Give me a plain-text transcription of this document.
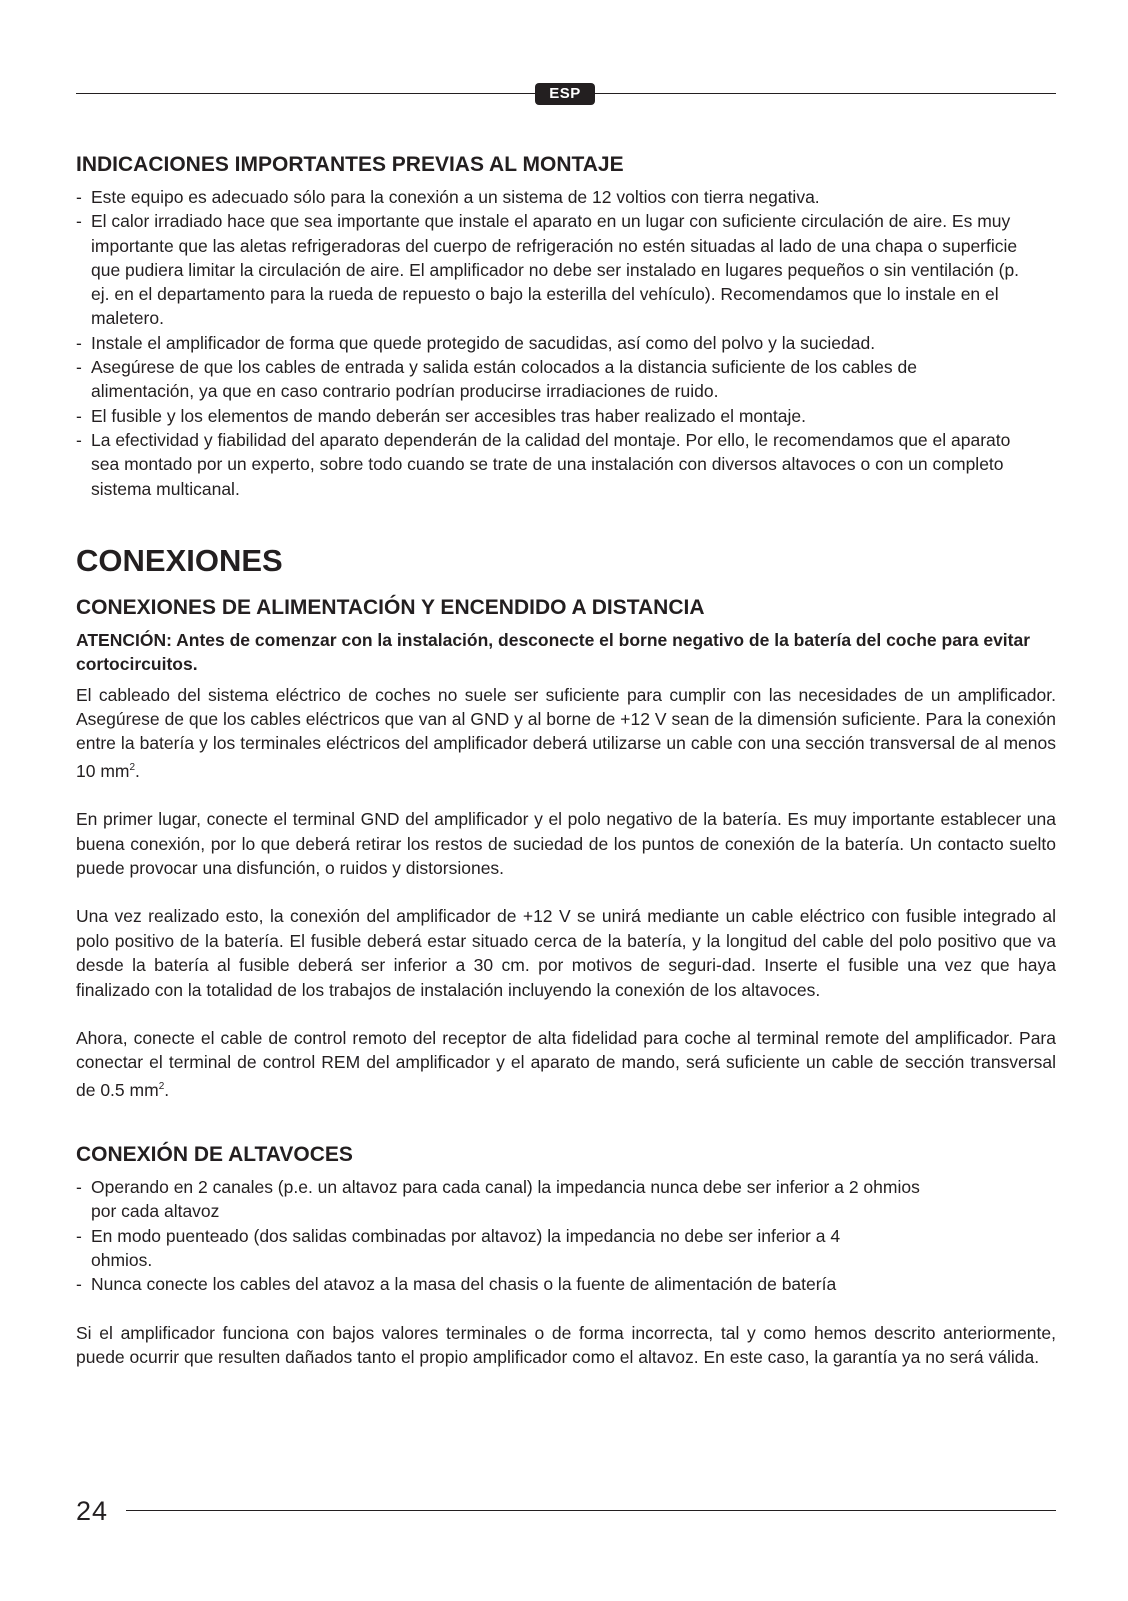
ESP
INDICACIONES IMPORTANTES PREVIAS AL MONTAJE
- Este equipo es adecuado sólo para la conexión a un sistema de 12 voltios con tierra negativa.
- El calor irradiado hace que sea importante que instale el aparato en un lugar con suficiente circulación de aire. Es muy importante que las aletas refrigeradoras del cuerpo de refrigeración no estén situadas al lado de una chapa o superficie que pudiera limitar la circulación de aire. El amplificador no debe ser instalado en lugares pequeños o sin ventilación (p. ej. en el departamento para la rueda de repuesto o bajo la esterilla del vehículo). Recomendamos que lo instale en el maletero.
- Instale el amplificador de forma que quede protegido de sacudidas, así como del polvo y la suciedad.
- Asegúrese de que los cables de entrada y salida están colocados a la distancia suficiente de los cables de alimentación, ya que en caso contrario podrían producirse irradiaciones de ruido.
- El fusible y los elementos de mando deberán ser accesibles tras haber realizado el montaje.
- La efectividad y fiabilidad del aparato dependerán de la calidad del montaje. Por ello, le recomendamos que el aparato sea montado por un experto, sobre todo cuando se trate de una instalación con diversos altavoces o con un completo sistema multicanal.
CONEXIONES
CONEXIONES DE ALIMENTACIÓN Y ENCENDIDO A DISTANCIA

ATENCIÓN: Antes de comenzar con la instalación, desconecte el borne negativo de la batería del coche para evitar cortocircuitos.

El cableado del sistema eléctrico de coches no suele ser suficiente para cumplir con las necesidades de un amplificador. Asegúrese de que los cables eléctricos que van al GND y al borne de +12 V sean de la dimensión suficiente. Para la conexión entre la batería y los terminales eléctricos del amplificador deberá utilizarse un cable con una sección transversal de al menos 10 $mm^2$.

En primer lugar, conecte el terminal GND del amplificador y el polo negativo de la batería. Es muy importante establecer una buena conexión, por lo que deberá retirar los restos de suciedad de los puntos de conexión de la batería. Un contacto suelto puede provocar una disfunción, o ruidos y distorsiones.

Una vez realizado esto, la conexión del amplificador de +12 V se unirá mediante un cable eléctrico con fusible integrado al polo positivo de la batería. El fusible deberá estar situado cerca de la batería, y la longitud del cable del polo positivo que va desde la batería al fusible deberá ser inferior a 30 cm. por motivos de seguri-dad. Inserte el fusible una vez que haya finalizado con la totalidad de los trabajos de instalación incluyendo la conexión de los altavoces.

Ahora, conecte el cable de control remoto del receptor de alta fidelidad para coche al terminal remote del amplificador. Para conectar el terminal de control REM del amplificador y el aparato de mando, será suficiente un cable de sección transversal de 0.5 $mm^2$.

CONEXIÓN DE ALTAVOCES
- Operando en 2 canales (p.e. un altavoz para cada canal) la impedancia nunca debe ser inferior a 2 ohmios por cada altavoz
- En modo puenteado (dos salidas combinadas por altavoz) la impedancia no debe ser inferior a 4 ohmios.
- Nunca conecte los cables del atavoz a la masa del chasis o la fuente de alimentación de batería

Si el amplificador funciona con bajos valores terminales o de forma incorrecta, tal y como hemos descrito anteriormente, puede ocurrir que resulten dañados tanto el propio amplificador como el altavoz. En este caso, la garantía ya no será válida.

24
